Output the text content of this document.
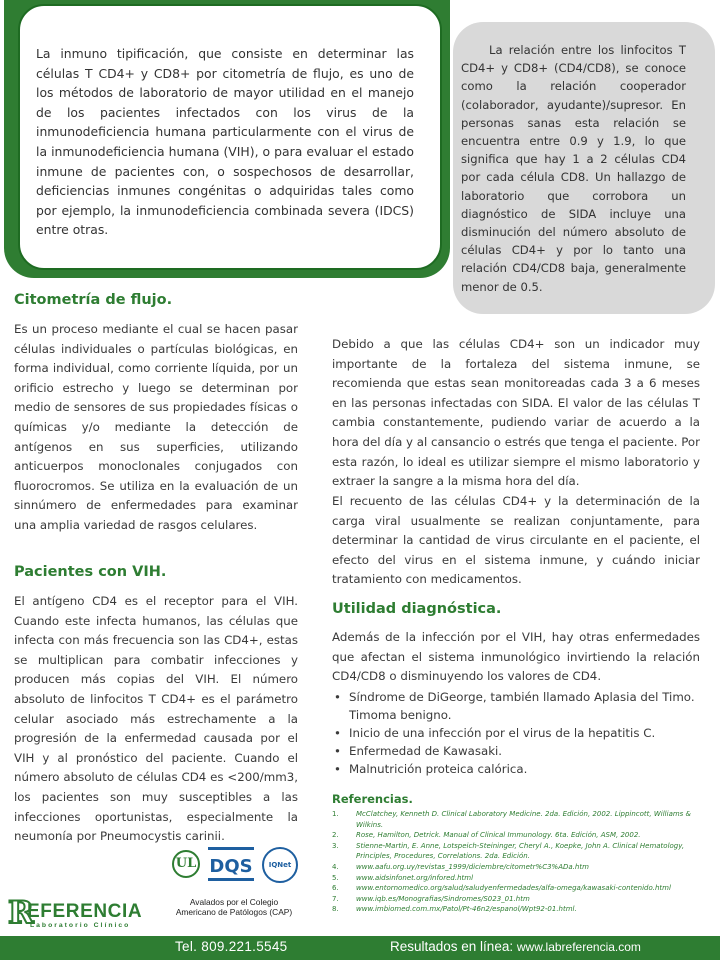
La inmuno tipificación, que consiste en determinar las células T CD4+ y CD8+ por citometría de flujo, es uno de los métodos de laboratorio de mayor utilidad en el manejo de los pacientes infectados con los virus de la inmunodeficiencia humana particularmente con el virus de la inmunodeficiencia humana (VIH), o para evaluar el estado inmune de pacientes con, o sospechosos de desarrollar, deficiencias inmunes congénitas o adquiridas tales como por ejemplo, la inmunodeficiencia combinada severa (IDCS) entre otras.

La relación entre los linfocitos T CD4+ y CD8+ (CD4/CD8), se conoce como la relación cooperador (colaborador, ayudante)/supresor. En personas sanas esta relación se encuentra entre 0.9 y 1.9, lo que significa que hay 1 a 2 células CD4 por cada célula CD8. Un hallazgo de laboratorio que corrobora un diagnóstico de SIDA incluye una disminución del número absoluto de células CD4+ y por lo tanto una relación CD4/CD8 baja, generalmente menor de 0.5.

Citometría de flujo.

Es un proceso mediante el cual se hacen pasar células individuales o partículas biológicas, en forma individual, como corriente líquida, por un orificio estrecho y luego se determinan por medio de sensores de sus propiedades físicas o químicas y/o mediante la detección de antígenos en sus superficies, utilizando anticuerpos monoclonales conjugados con fluorocromos. Se utiliza en la evaluación de un sinnúmero de enfermedades para examinar una amplia variedad de rasgos celulares.

Pacientes con VIH.

El antígeno CD4 es el receptor para el VIH. Cuando este infecta humanos, las células que infecta con más frecuencia son las CD4+, estas se multiplican para combatir infecciones y producen más copias del VIH. El número absoluto de linfocitos T CD4+ es el parámetro celular asociado más estrechamente a la progresión de la enfermedad causada por el VIH y al pronóstico del paciente. Cuando el número absoluto de células CD4 es <200/mm3, los pacientes son muy susceptibles a las infecciones oportunistas, especialmente la neumonía por Pneumocystis carinii.

Debido a que las células CD4+ son un indicador muy importante de la fortaleza del sistema inmune, se recomienda que estas sean monitoreadas cada 3 a 6 meses en las personas infectadas con SIDA. El valor de las células T cambia constantemente, pudiendo variar de acuerdo a la hora del día y al cansancio o estrés que tenga el paciente. Por esta razón, lo ideal es utilizar siempre el mismo laboratorio y extraer la sangre a la misma hora del día.

El recuento de las células CD4+ y la determinación de la carga viral usualmente se realizan conjuntamente, para determinar la cantidad de virus circulante en el paciente, el efecto del virus en el sistema inmune, y cuándo iniciar tratamiento con medicamentos.

Utilidad diagnóstica.

Además de la infección por el VIH, hay otras enfermedades que afectan el sistema inmunológico invirtiendo la relación CD4/CD8 o disminuyendo los valores de CD4.

• Síndrome de DiGeorge, también llamado Aplasia del Timo. Timoma benigno.
• Inicio de una infección por el virus de la hepatitis C.
• Enfermedad de Kawasaki.
• Malnutrición proteica calórica.
Referencias.
1.	McClatchey, Kenneth D. Clinical Laboratory Medicine. 2da. Edición, 2002. Lippincott, Williams & Wilkins.
2.	Rose, Hamilton, Detrick. Manual of Clinical Immunology. 6ta. Edición, ASM, 2002.
3.	Stienne-Martin, E. Anne, Lotspeich-Steininger, Cheryl A., Koepke, John A. Clinical Hematology, Principles, Procedures, Correlations. 2da. Edición.
4.	www.aafu.org.uy/revistas_1999/diciembre/citometr%C3%ADa.htm
5.	www.aidsinfonet.org/infored.html
6.	www.entornomedico.org/salud/saludyenfermedades/alfa-omega/kawasaki-contenido.html
7.	www.iqb.es/Monografias/Sindromes/S023_01.htm
8.	www.imbiomed.com.mx/Patol/Pt-46n2/espanol/Wpt92-01.html.
UL DQS	IQNet
Avalados por el Colegio Americano de Patólogos (CAP)
R
EFERENCIA
Laboratorio Clínico
Tel. 809.221.5545	Resultados en línea: www.labreferencia.com
